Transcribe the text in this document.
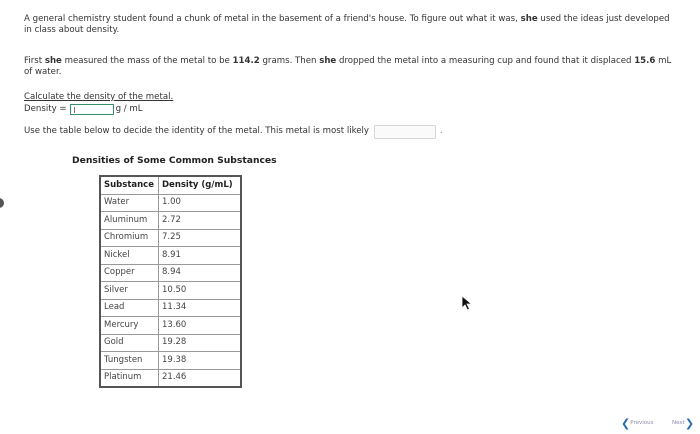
A general chemistry student found a chunk of metal in the basement of a friend's house. To figure out what it was, she used the ideas just developed in class about density.

First she measured the mass of the metal to be 114.2 grams. Then she dropped the metal into a measuring cup and found that it displaced 15.6 mL of water.

Calculate the density of the metal.
Density =	g / mL
Use the table below to decide the identity of the metal. This metal is most likely	.
Densities of Some Common Substances
Substance	Density (g/mL)
Water	1.00
Aluminum	2.72
Chromium	7.25
Nickel	8.91
Copper	8.94
Silver	10.50
Lead	11.34
Mercury	13.60
Gold	19.28
Tungsten	19.38
Platinum	21.46
❮ Previous	Next ❯
